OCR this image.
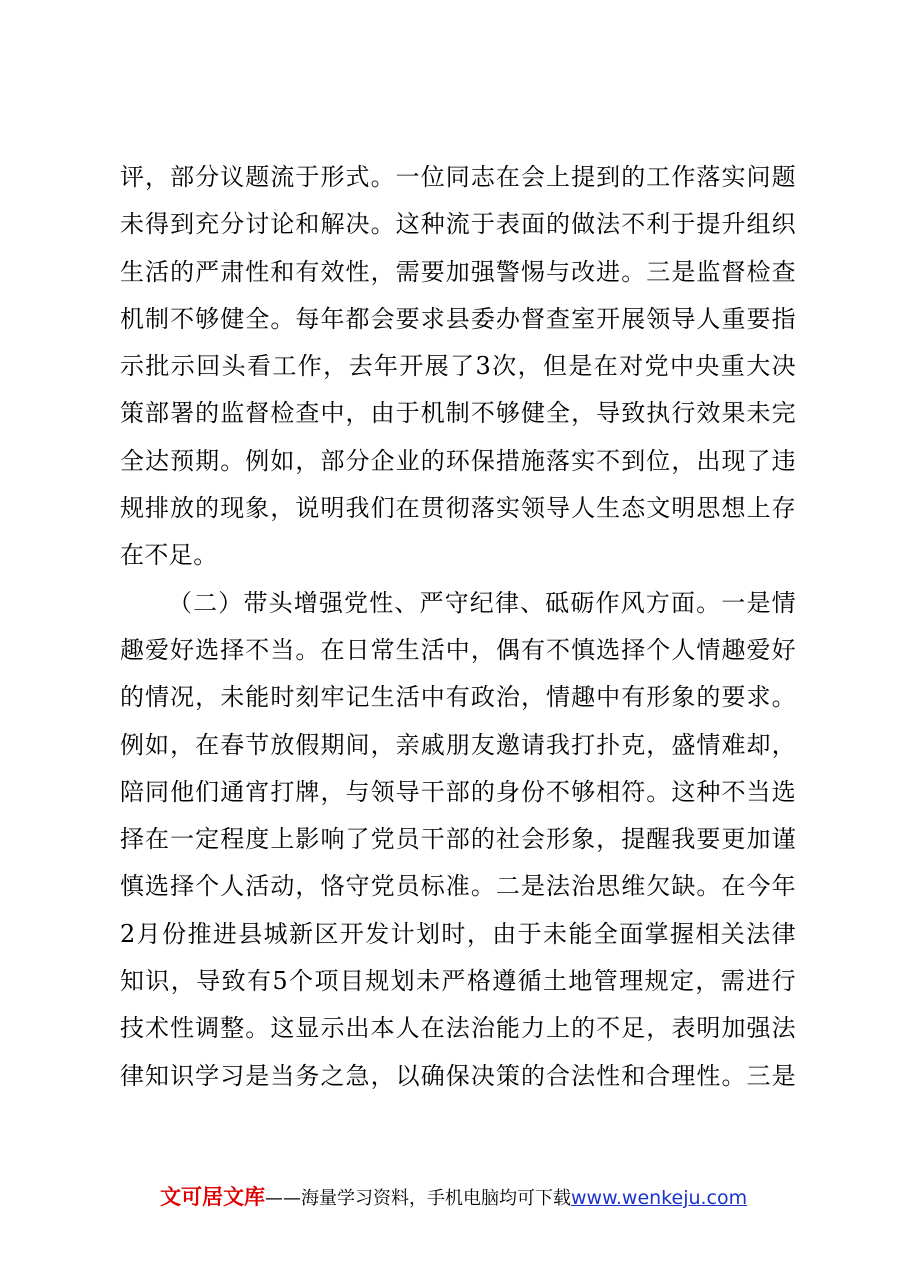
评，部分议题流于形式。一位同志在会上提到的工作落实问题
未得到充分讨论和解决。这种流于表面的做法不利于提升组织
生活的严肃性和有效性，需要加强警惕与改进。三是监督检查
机制不够健全。每年都会要求县委办督查室开展领导人重要指
示批示回头看工作，去年开展了3次，但是在对党中央重大决
策部署的监督检查中，由于机制不够健全，导致执行效果未完
全达预期。例如，部分企业的环保措施落实不到位，出现了违
规排放的现象，说明我们在贯彻落实领导人生态文明思想上存
在不足。
（二）带头增强党性、严守纪律、砥砺作风方面。一是情
趣爱好选择不当。在日常生活中，偶有不慎选择个人情趣爱好
的情况，未能时刻牢记生活中有政治，情趣中有形象的要求。
例如，在春节放假期间，亲戚朋友邀请我打扑克，盛情难却，
陪同他们通宵打牌，与领导干部的身份不够相符。这种不当选
择在一定程度上影响了党员干部的社会形象，提醒我要更加谨
慎选择个人活动，恪守党员标准。二是法治思维欠缺。在今年
2月份推进县城新区开发计划时，由于未能全面掌握相关法律
知识，导致有5个项目规划未严格遵循土地管理规定，需进行
技术性调整。这显示出本人在法治能力上的不足，表明加强法
律知识学习是当务之急，以确保决策的合法性和合理性。三是
文可居文库——海量学习资料，手机电脑均可下载www.wenkeju.com
